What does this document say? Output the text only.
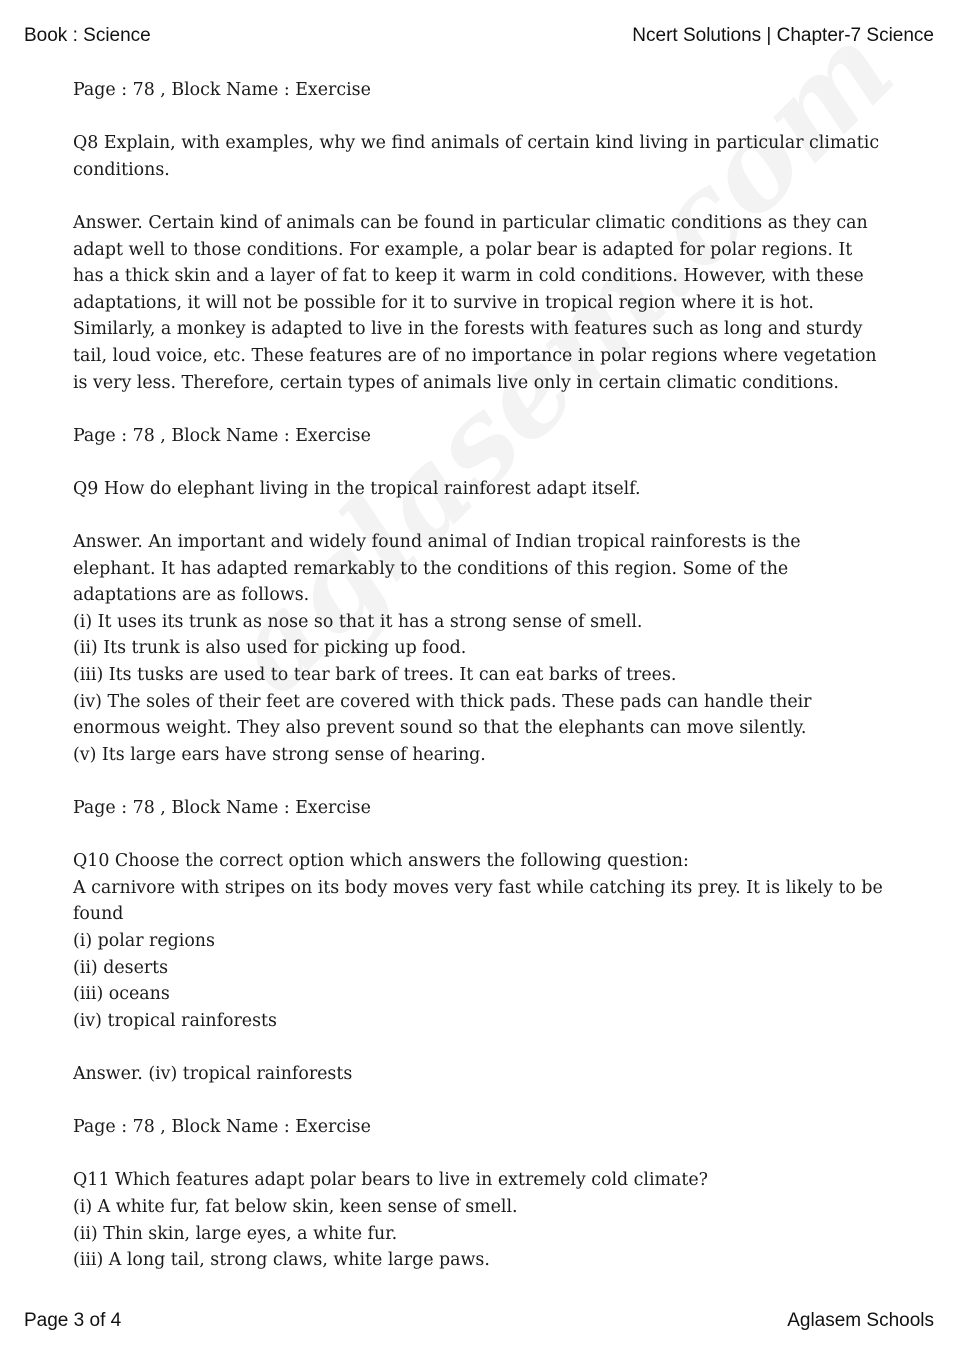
Book : Science	Ncert Solutions | Chapter-7 Science
Page : 78 , Block Name : Exercise
Q8 Explain, with examples, why we find animals of certain kind living in particular climatic conditions.
Answer. Certain kind of animals can be found in particular climatic conditions as they can adapt well to those conditions. For example, a polar bear is adapted for polar regions. It has a thick skin and a layer of fat to keep it warm in cold conditions. However, with these adaptations, it will not be possible for it to survive in tropical region where it is hot. Similarly, a monkey is adapted to live in the forests with features such as long and sturdy tail, loud voice, etc. These features are of no importance in polar regions where vegetation is very less. Therefore, certain types of animals live only in certain climatic conditions.
Page : 78 , Block Name : Exercise
Q9 How do elephant living in the tropical rainforest adapt itself.
Answer. An important and widely found animal of Indian tropical rainforests is the elephant. It has adapted remarkably to the conditions of this region. Some of the adaptations are as follows.
(i) It uses its trunk as nose so that it has a strong sense of smell.
(ii) Its trunk is also used for picking up food.
(iii) Its tusks are used to tear bark of trees. It can eat barks of trees.
(iv) The soles of their feet are covered with thick pads. These pads can handle their enormous weight. They also prevent sound so that the elephants can move silently.
(v) Its large ears have strong sense of hearing.
Page : 78 , Block Name : Exercise
Q10 Choose the correct option which answers the following question:
A carnivore with stripes on its body moves very fast while catching its prey. It is likely to be found
(i) polar regions
(ii) deserts
(iii) oceans
(iv) tropical rainforests
Answer. (iv) tropical rainforests
Page : 78 , Block Name : Exercise
Q11 Which features adapt polar bears to live in extremely cold climate?
(i) A white fur, fat below skin, keen sense of smell.
(ii) Thin skin, large eyes, a white fur.
(iii) A long tail, strong claws, white large paws.
Page 3 of 4	Aglasem Schools
